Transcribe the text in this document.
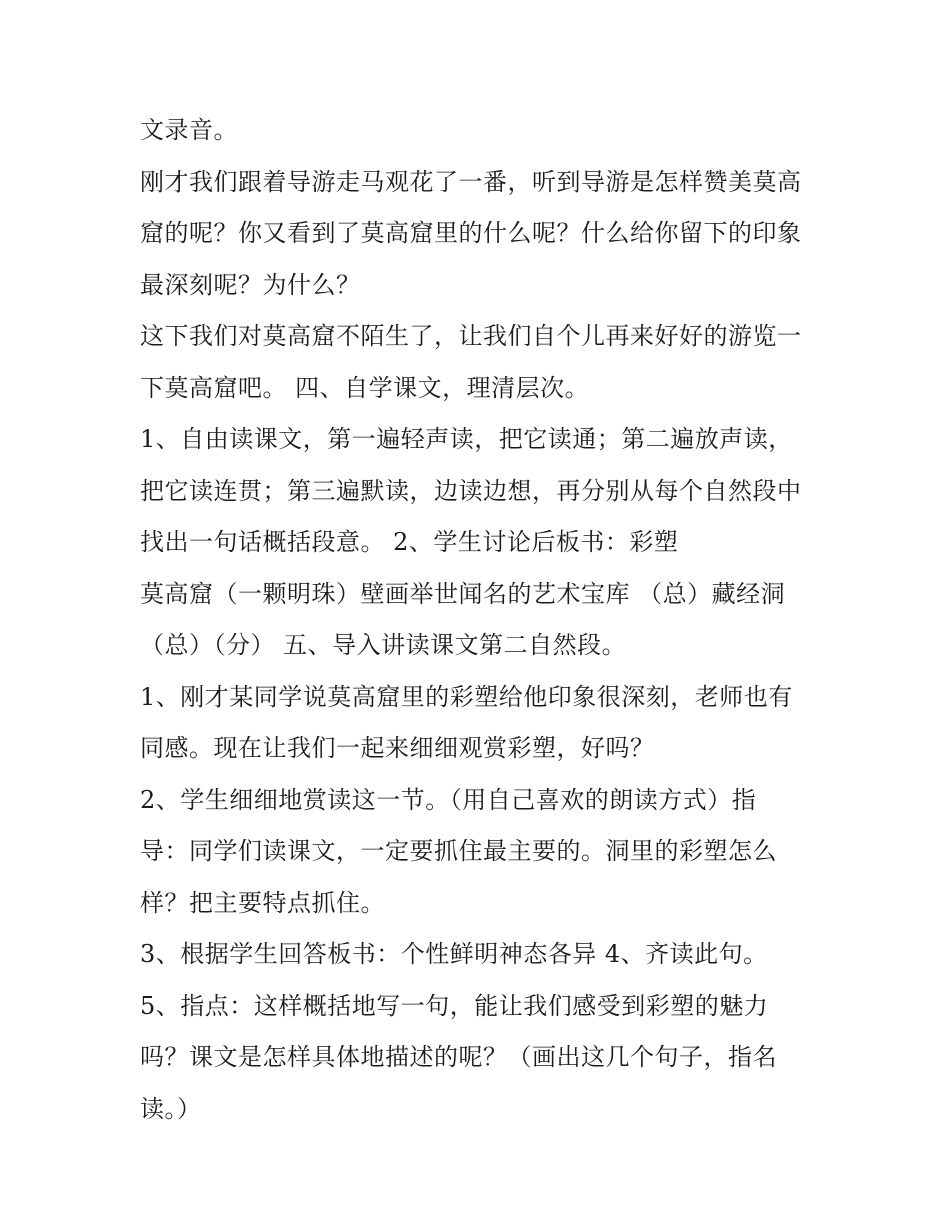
文录音。
刚才我们跟着导游走马观花了一番，听到导游是怎样赞美莫高
窟的呢？你又看到了莫高窟里的什么呢？什么给你留下的印象
最深刻呢？为什么？
这下我们对莫高窟不陌生了，让我们自个儿再来好好的游览一
下莫高窟吧。 四、自学课文，理清层次。
1、自由读课文，第一遍轻声读，把它读通；第二遍放声读，
把它读连贯；第三遍默读，边读边想，再分别从每个自然段中
找出一句话概括段意。 2、学生讨论后板书：彩塑
莫高窟（一颗明珠）壁画举世闻名的艺术宝库 （总）藏经洞
（总）（分） 五、导入讲读课文第二自然段。
1、刚才某同学说莫高窟里的彩塑给他印象很深刻，老师也有
同感。现在让我们一起来细细观赏彩塑，好吗？
2、学生细细地赏读这一节。（用自己喜欢的朗读方式）指
导：同学们读课文，一定要抓住最主要的。洞里的彩塑怎么
样？把主要特点抓住。
3、根据学生回答板书：个性鲜明神态各异 4、齐读此句。
5、指点：这样概括地写一句，能让我们感受到彩塑的魅力
吗？课文是怎样具体地描述的呢？（画出这几个句子，指名
读。）
